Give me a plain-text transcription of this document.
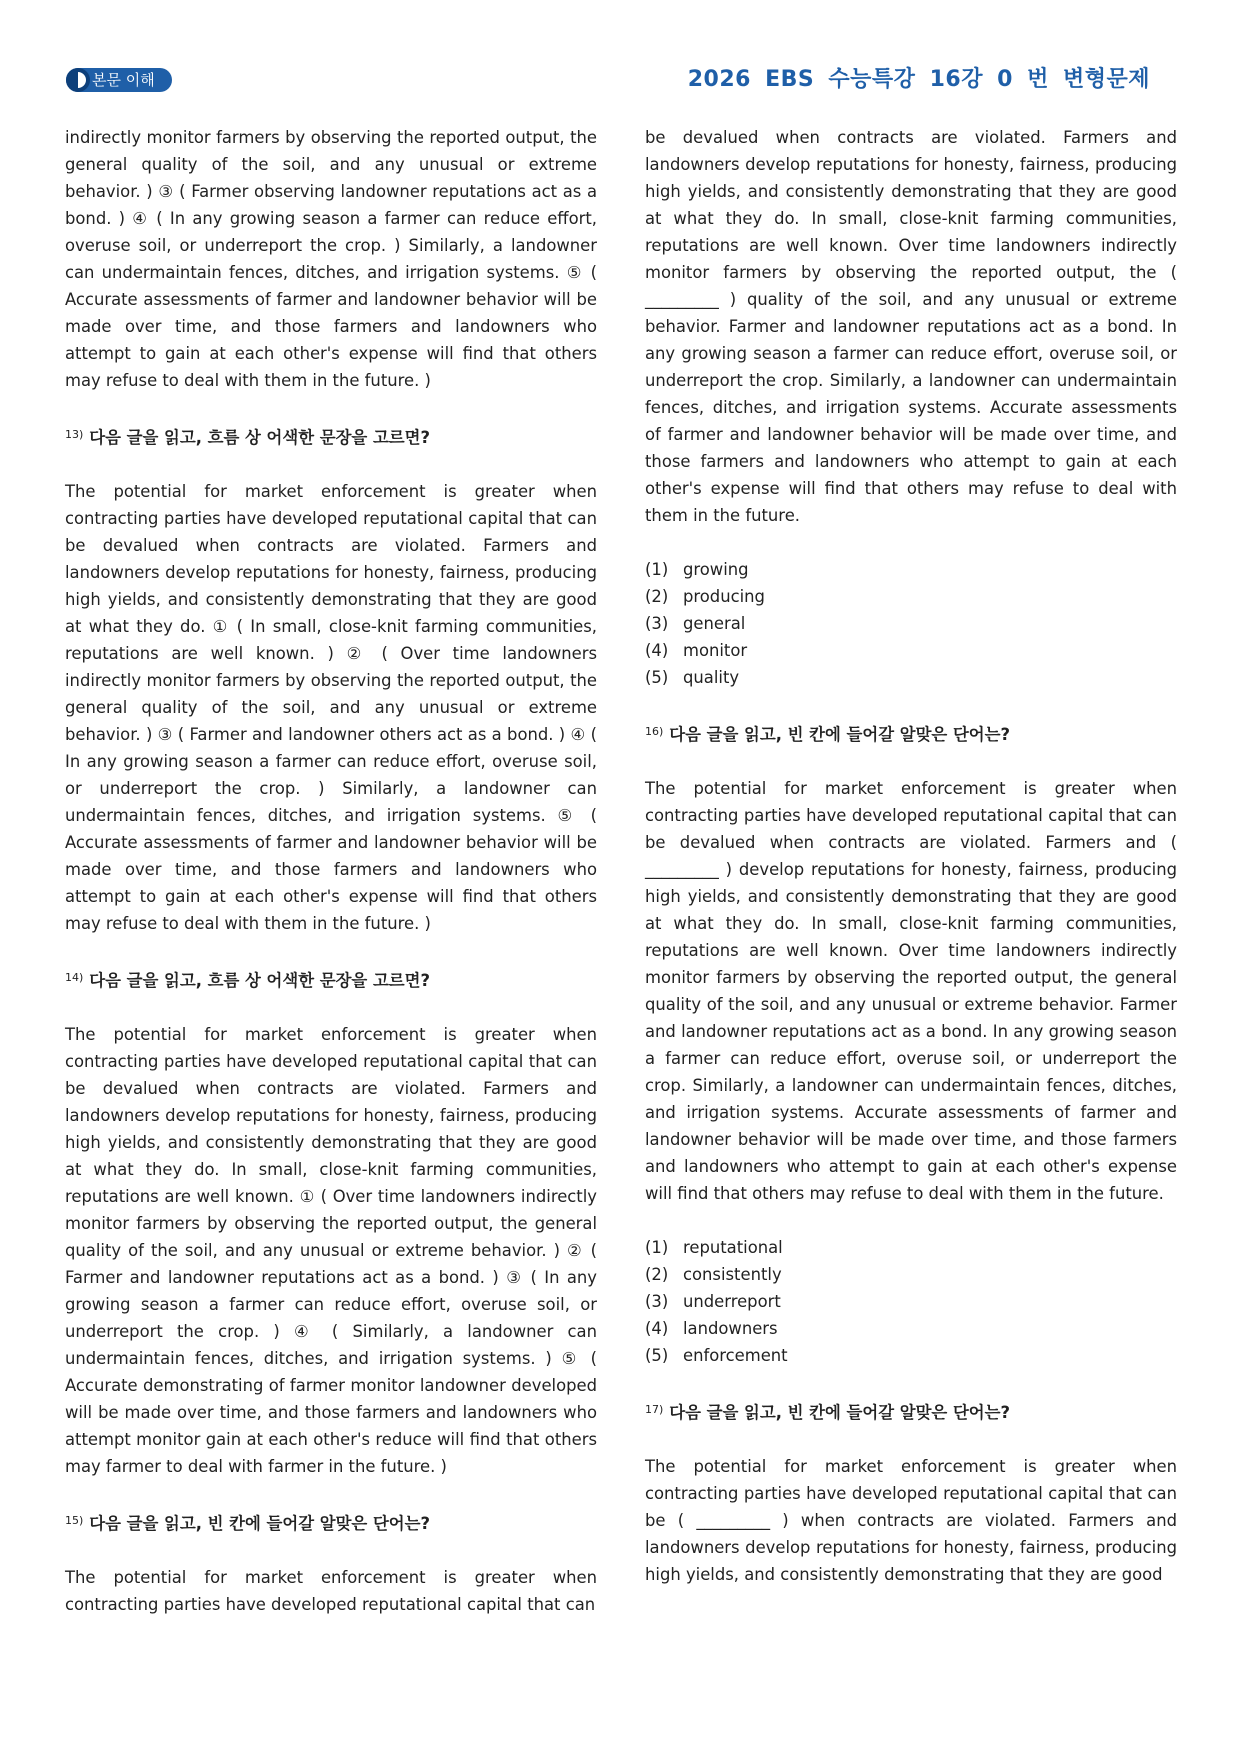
본문 이해	2026 EBS 수능특강 16강 0 번 변형문제

indirectly monitor farmers by observing the reported output, the general quality of the soil, and any unusual or extreme behavior. ) ③ ( Farmer observing landowner reputations act as a bond. ) ④ ( In any growing season a farmer can reduce effort, overuse soil, or underreport the crop. ) Similarly, a landowner can undermaintain fences, ditches, and irrigation systems. ⑤ ( Accurate assessments of farmer and landowner behavior will be made over time, and those farmers and landowners who attempt to gain at each other's expense will find that others may refuse to deal with them in the future. )

$^{13)}$ 다음 글을 읽고, 흐름 상 어색한 문장을 고르면?

The potential for market enforcement is greater when contracting parties have developed reputational capital that can be devalued when contracts are violated. Farmers and landowners develop reputations for honesty, fairness, producing high yields, and consistently demonstrating that they are good at what they do. ① ( In small, close-knit farming communities, reputations are well known. ) ② ( Over time landowners indirectly monitor farmers by observing the reported output, the general quality of the soil, and any unusual or extreme behavior. ) ③ ( Farmer and landowner others act as a bond. ) ④ ( In any growing season a farmer can reduce effort, overuse soil, or underreport the crop. ) Similarly, a landowner can undermaintain fences, ditches, and irrigation systems. ⑤ ( Accurate assessments of farmer and landowner behavior will be made over time, and those farmers and landowners who attempt to gain at each other's expense will find that others may refuse to deal with them in the future. )

$^{14)}$ 다음 글을 읽고, 흐름 상 어색한 문장을 고르면?

The potential for market enforcement is greater when contracting parties have developed reputational capital that can be devalued when contracts are violated. Farmers and landowners develop reputations for honesty, fairness, producing high yields, and consistently demonstrating that they are good at what they do. In small, close-knit farming communities, reputations are well known. ① ( Over time landowners indirectly monitor farmers by observing the reported output, the general quality of the soil, and any unusual or extreme behavior. ) ② ( Farmer and landowner reputations act as a bond. ) ③ ( In any growing season a farmer can reduce effort, overuse soil, or underreport the crop. ) ④ ( Similarly, a landowner can undermaintain fences, ditches, and irrigation systems. ) ⑤ ( Accurate demonstrating of farmer monitor landowner developed will be made over time, and those farmers and landowners who attempt monitor gain at each other's reduce will find that others may farmer to deal with farmer in the future. )

$^{15)}$ 다음 글을 읽고, 빈 칸에 들어갈 알맞은 단어는?

The potential for market enforcement is greater when contracting parties have developed reputational capital that can

be devalued when contracts are violated. Farmers and landowners develop reputations for honesty, fairness, producing high yields, and consistently demonstrating that they are good at what they do. In small, close-knit farming communities, reputations are well known. Over time landowners indirectly monitor farmers by observing the reported output, the ( _________ ) quality of the soil, and any unusual or extreme behavior. Farmer and landowner reputations act as a bond. In any growing season a farmer can reduce effort, overuse soil, or underreport the crop. Similarly, a landowner can undermaintain fences, ditches, and irrigation systems. Accurate assessments of farmer and landowner behavior will be made over time, and those farmers and landowners who attempt to gain at each other's expense will find that others may refuse to deal with them in the future.

(1) growing
(2) producing
(3) general
(4) monitor
(5) quality
$^{16)}$ 다음 글을 읽고, 빈 칸에 들어갈 알맞은 단어는?

The potential for market enforcement is greater when contracting parties have developed reputational capital that can be devalued when contracts are violated. Farmers and ( _________ ) develop reputations for honesty, fairness, producing high yields, and consistently demonstrating that they are good at what they do. In small, close-knit farming communities, reputations are well known. Over time landowners indirectly monitor farmers by observing the reported output, the general quality of the soil, and any unusual or extreme behavior. Farmer and landowner reputations act as a bond. In any growing season a farmer can reduce effort, overuse soil, or underreport the crop. Similarly, a landowner can undermaintain fences, ditches, and irrigation systems. Accurate assessments of farmer and landowner behavior will be made over time, and those farmers and landowners who attempt to gain at each other's expense will find that others may refuse to deal with them in the future.

(1) reputational
(2) consistently
(3) underreport
(4) landowners
(5) enforcement
$^{17)}$ 다음 글을 읽고, 빈 칸에 들어갈 알맞은 단어는?

The potential for market enforcement is greater when contracting parties have developed reputational capital that can be ( _________ ) when contracts are violated. Farmers and landowners develop reputations for honesty, fairness, producing high yields, and consistently demonstrating that they are good
